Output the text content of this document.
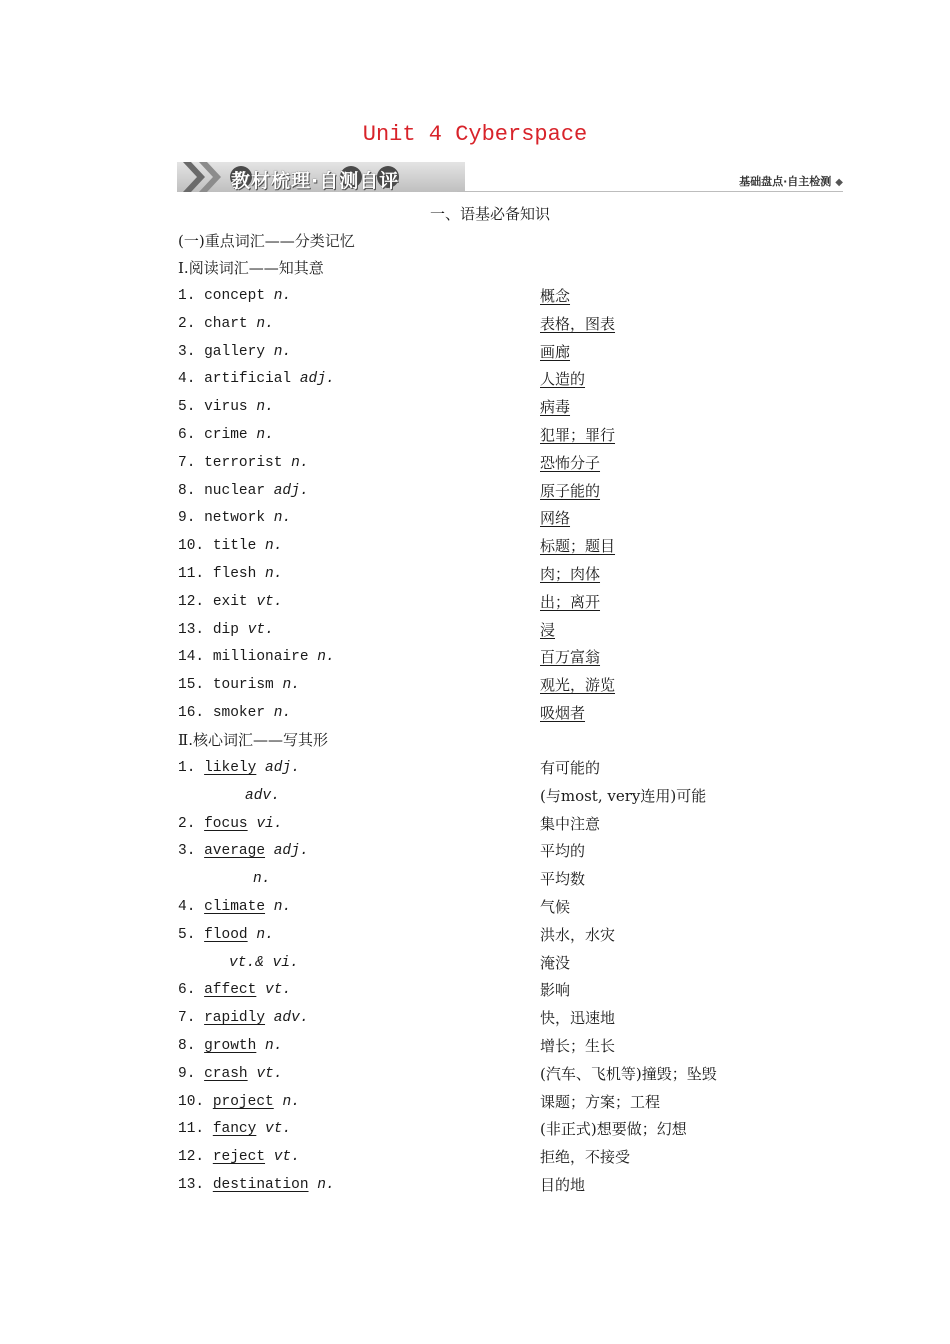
Unit 4 Cyberspace
教材梳理·自测自评	基础盘点·自主检测 ◆
一、语基必备知识
(一)重点词汇——分类记忆
Ⅰ.阅读词汇——知其意
1. concept n.	概念
2. chart n.	表格，图表
3. gallery n.	画廊
4. artificial adj.	人造的
5. virus n.	病毒
6. crime n.	犯罪；罪行
7. terrorist n.	恐怖分子
8. nuclear adj.	原子能的
9. network n.	网络
10. title n.	标题；题目
11. flesh n.	肉；肉体
12. exit vt.	出；离开
13. dip vt.	浸
14. millionaire n.	百万富翁
15. tourism n.	观光，游览
16. smoker n.	吸烟者
Ⅱ.核心词汇——写其形
1. likely adj.	有可能的
adv.	(与most, very连用)可能
2. focus vi.	集中注意
3. average adj.	平均的
n.	平均数
4. climate n.	气候
5. flood n.	洪水，水灾
vt.& vi.	淹没
6. affect vt.	影响
7. rapidly adv.	快，迅速地
8. growth n.	增长；生长
9. crash vt.	(汽车、飞机等)撞毁；坠毁
10. project n.	课题；方案；工程
11. fancy vt.	(非正式)想要做；幻想
12. reject vt.	拒绝，不接受
13. destination n.	目的地
